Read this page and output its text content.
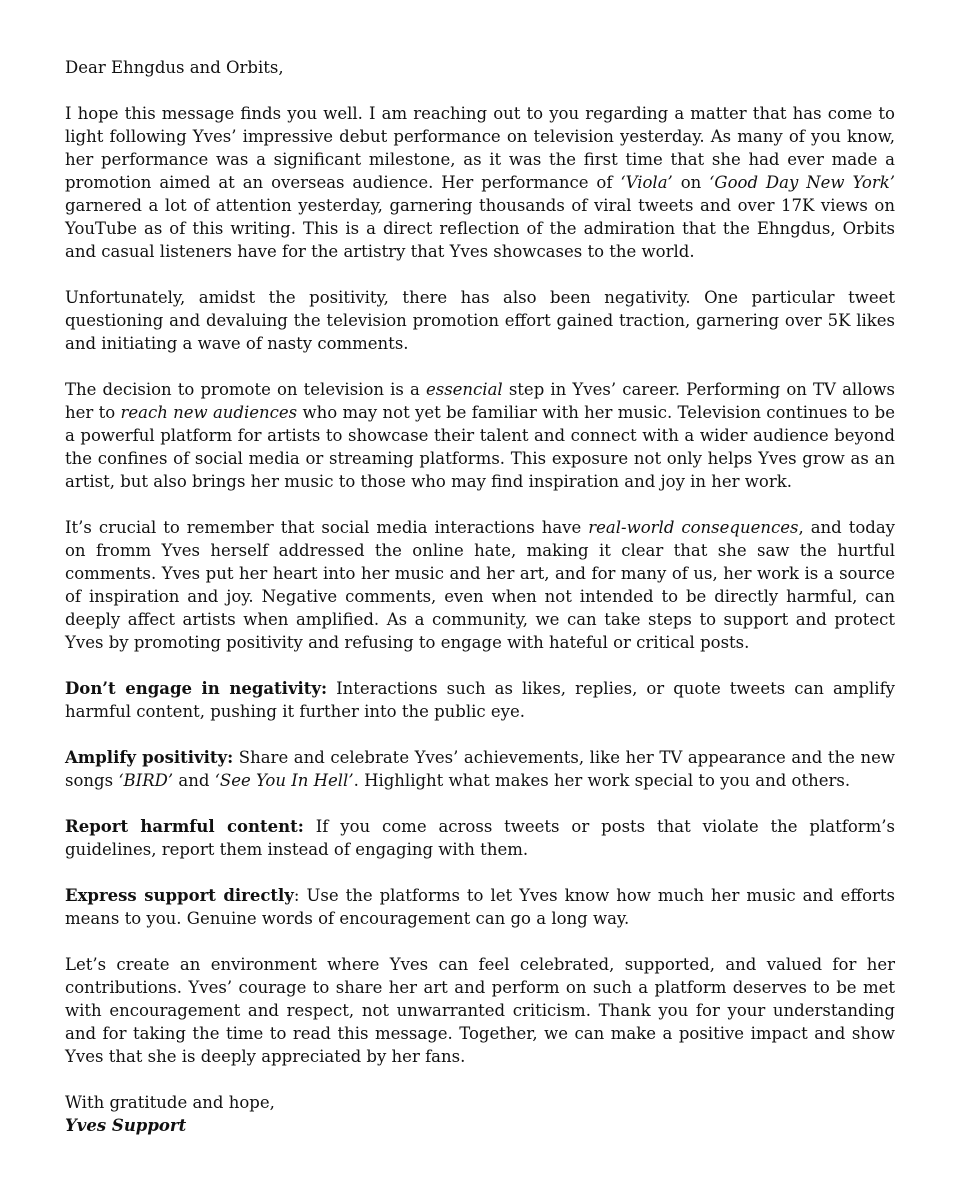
Dear Ehngdus and Orbits,

I hope this message finds you well. I am reaching out to you regarding a matter that has come to light following Yves’ impressive debut performance on television yesterday. As many of you know, her performance was a significant milestone, as it was the first time that she had ever made a promotion aimed at an overseas audience. Her performance of ‘Viola’ on ‘Good Day New York’ garnered a lot of attention yesterday, garnering thousands of viral tweets and over 17K views on YouTube as of this writing. This is a direct reflection of the admiration that the Ehngdus, Orbits and casual listeners have for the artistry that Yves showcases to the world.

Unfortunately, amidst the positivity, there has also been negativity. One particular tweet questioning and devaluing the television promotion effort gained traction, garnering over 5K likes and initiating a wave of nasty comments.

The decision to promote on television is a essencial step in Yves’ career. Performing on TV allows her to reach new audiences who may not yet be familiar with her music. Television continues to be a powerful platform for artists to showcase their talent and connect with a wider audience beyond the confines of social media or streaming platforms. This exposure not only helps Yves grow as an artist, but also brings her music to those who may find inspiration and joy in her work.

It’s crucial to remember that social media interactions have real-world consequences, and today on fromm Yves herself addressed the online hate, making it clear that she saw the hurtful comments. Yves put her heart into her music and her art, and for many of us, her work is a source of inspiration and joy. Negative comments, even when not intended to be directly harmful, can deeply affect artists when amplified. As a community, we can take steps to support and protect Yves by promoting positivity and refusing to engage with hateful or critical posts.

Don’t engage in negativity: Interactions such as likes, replies, or quote tweets can amplify harmful content, pushing it further into the public eye.

Amplify positivity: Share and celebrate Yves’ achievements, like her TV appearance and the new songs ‘BIRD’ and ‘See You In Hell’. Highlight what makes her work special to you and others.

Report harmful content: If you come across tweets or posts that violate the platform’s guidelines, report them instead of engaging with them.

Express support directly: Use the platforms to let Yves know how much her music and efforts means to you. Genuine words of encouragement can go a long way.

Let’s create an environment where Yves can feel celebrated, supported, and valued for her contributions. Yves’ courage to share her art and perform on such a platform deserves to be met with encouragement and respect, not unwarranted criticism. Thank you for your understanding and for taking the time to read this message. Together, we can make a positive impact and show Yves that she is deeply appreciated by her fans.

With gratitude and hope,

Yves Support
